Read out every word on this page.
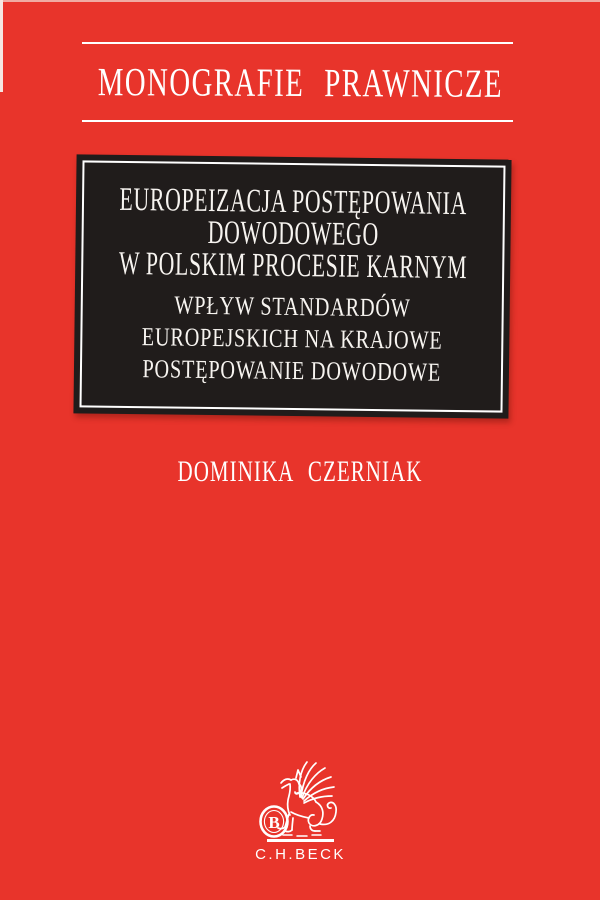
MONOGRAFIE PRAWNICZE
EUROPEIZACJA POSTĘPOWANIA
DOWODOWEGO
W POLSKIM PROCESIE KARNYM
WPŁYW STANDARDÓW
EUROPEJSKICH NA KRAJOWE
POSTĘPOWANIE DOWODOWE
DOMINIKA CZERNIAK
B
C.H.BECK
